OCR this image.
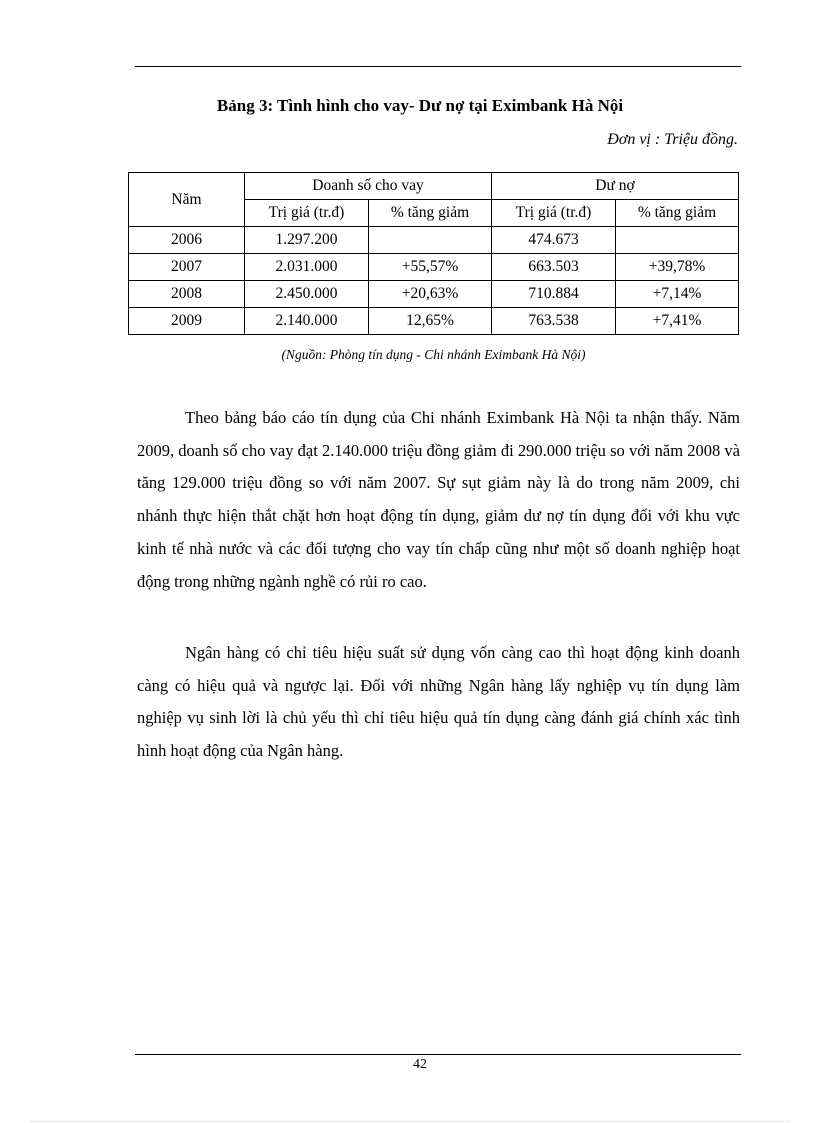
Bảng 3: Tình hình cho vay- Dư nợ tại Eximbank Hà Nội
Đơn vị : Triệu đồng.
Năm	Doanh số cho vay		Dư nợ	
	Trị giá (tr.đ)	% tăng giảm	Trị giá (tr.đ)	% tăng giảm
2006	1.297.200		474.673	
2007	2.031.000	+55,57%	663.503	+39,78%
2008	2.450.000	+20,63%	710.884	+7,14%
2009	2.140.000	12,65%	763.538	+7,41%
(Nguồn: Phòng tín dụng - Chi nhánh Eximbank Hà Nội)

Theo bảng báo cáo tín dụng của Chi nhánh Eximbank Hà Nội ta nhận thấy. Năm 2009, doanh số cho vay đạt 2.140.000 triệu đồng giảm đi 290.000 triệu so với năm 2008 và tăng 129.000 triệu đồng so với năm 2007. Sự sụt giảm này là do trong năm 2009, chi nhánh thực hiện thắt chặt hơn hoạt động tín dụng, giảm dư nợ tín dụng đối với khu vực kinh tế nhà nước và các đối tượng cho vay tín chấp cũng như một số doanh nghiệp hoạt động trong những ngành nghề có rủi ro cao.

Ngân hàng có chỉ tiêu hiệu suất sử dụng vốn càng cao thì hoạt động kinh doanh càng có hiệu quả và ngược lại. Đối với những Ngân hàng lấy nghiệp vụ tín dụng làm nghiệp vụ sinh lời là chủ yếu thì chỉ tiêu hiệu quả tín dụng càng đánh giá chính xác tình hình hoạt động của Ngân hàng.

42
